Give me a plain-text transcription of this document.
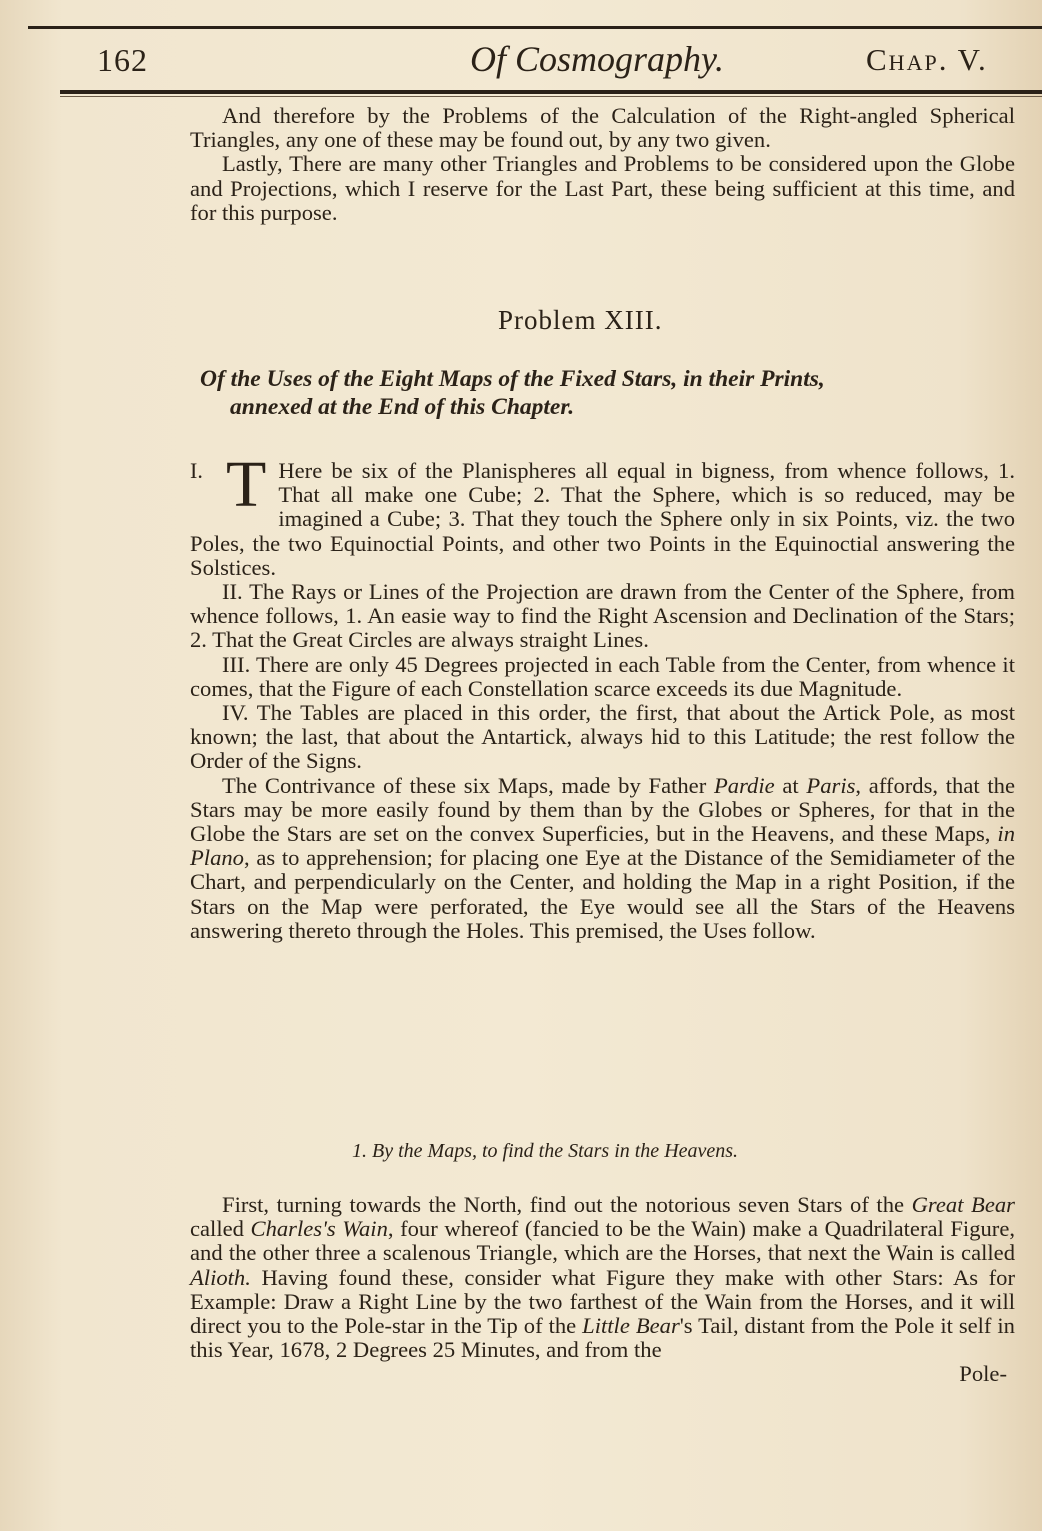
162	Of Cosmography.	Chap. V.

And therefore by the Problems of the Calculation of the Right-angled Spherical Triangles, any one of these may be found out, by any two given.

Lastly, There are many other Triangles and Problems to be considered upon the Globe and Projections, which I reserve for the Last Part, these being sufficient at this time, and for this purpose.

Problem XIII.
Of the Uses of the Eight Maps of the Fixed Stars, in their Prints,
annexed at the End of this Chapter.
I. T Here be six of the Planispheres all equal in bigness, from whence follows, 1. That all make one Cube; 2. That the Sphere, which is so reduced, may be imagined a Cube; 3. That they touch the Sphere only in six Points, viz. the two Poles, the two Equinoctial Points, and other two Points in the Equinoctial answering the Solstices.

II. The Rays or Lines of the Projection are drawn from the Center of the Sphere, from whence follows, 1. An easie way to find the Right Ascension and Declination of the Stars; 2. That the Great Circles are always straight Lines.

III. There are only 45 Degrees projected in each Table from the Center, from whence it comes, that the Figure of each Constellation scarce exceeds its due Magnitude.

IV. The Tables are placed in this order, the first, that about the Artick Pole, as most known; the last, that about the Antartick, always hid to this Latitude; the rest follow the Order of the Signs.

The Contrivance of these six Maps, made by Father Pardie at Paris, affords, that the Stars may be more easily found by them than by the Globes or Spheres, for that in the Globe the Stars are set on the convex Superficies, but in the Heavens, and these Maps, in Plano, as to apprehension; for placing one Eye at the Distance of the Semidiameter of the Chart, and perpendicularly on the Center, and holding the Map in a right Position, if the Stars on the Map were perforated, the Eye would see all the Stars of the Heavens answering thereto through the Holes. This premised, the Uses follow.

1. By the Maps, to find the Stars in the Heavens.

First, turning towards the North, find out the notorious seven Stars of the Great Bear called Charles's Wain, four whereof (fancied to be the Wain) make a Quadrilateral Figure, and the other three a scalenous Triangle, which are the Horses, that next the Wain is called Alioth. Having found these, consider what Figure they make with other Stars: As for Example: Draw a Right Line by the two farthest of the Wain from the Horses, and it will direct you to the Pole-star in the Tip of the Little Bear's Tail, distant from the Pole it self in this Year, 1678, 2 Degrees 25 Minutes, and from the

Pole-
